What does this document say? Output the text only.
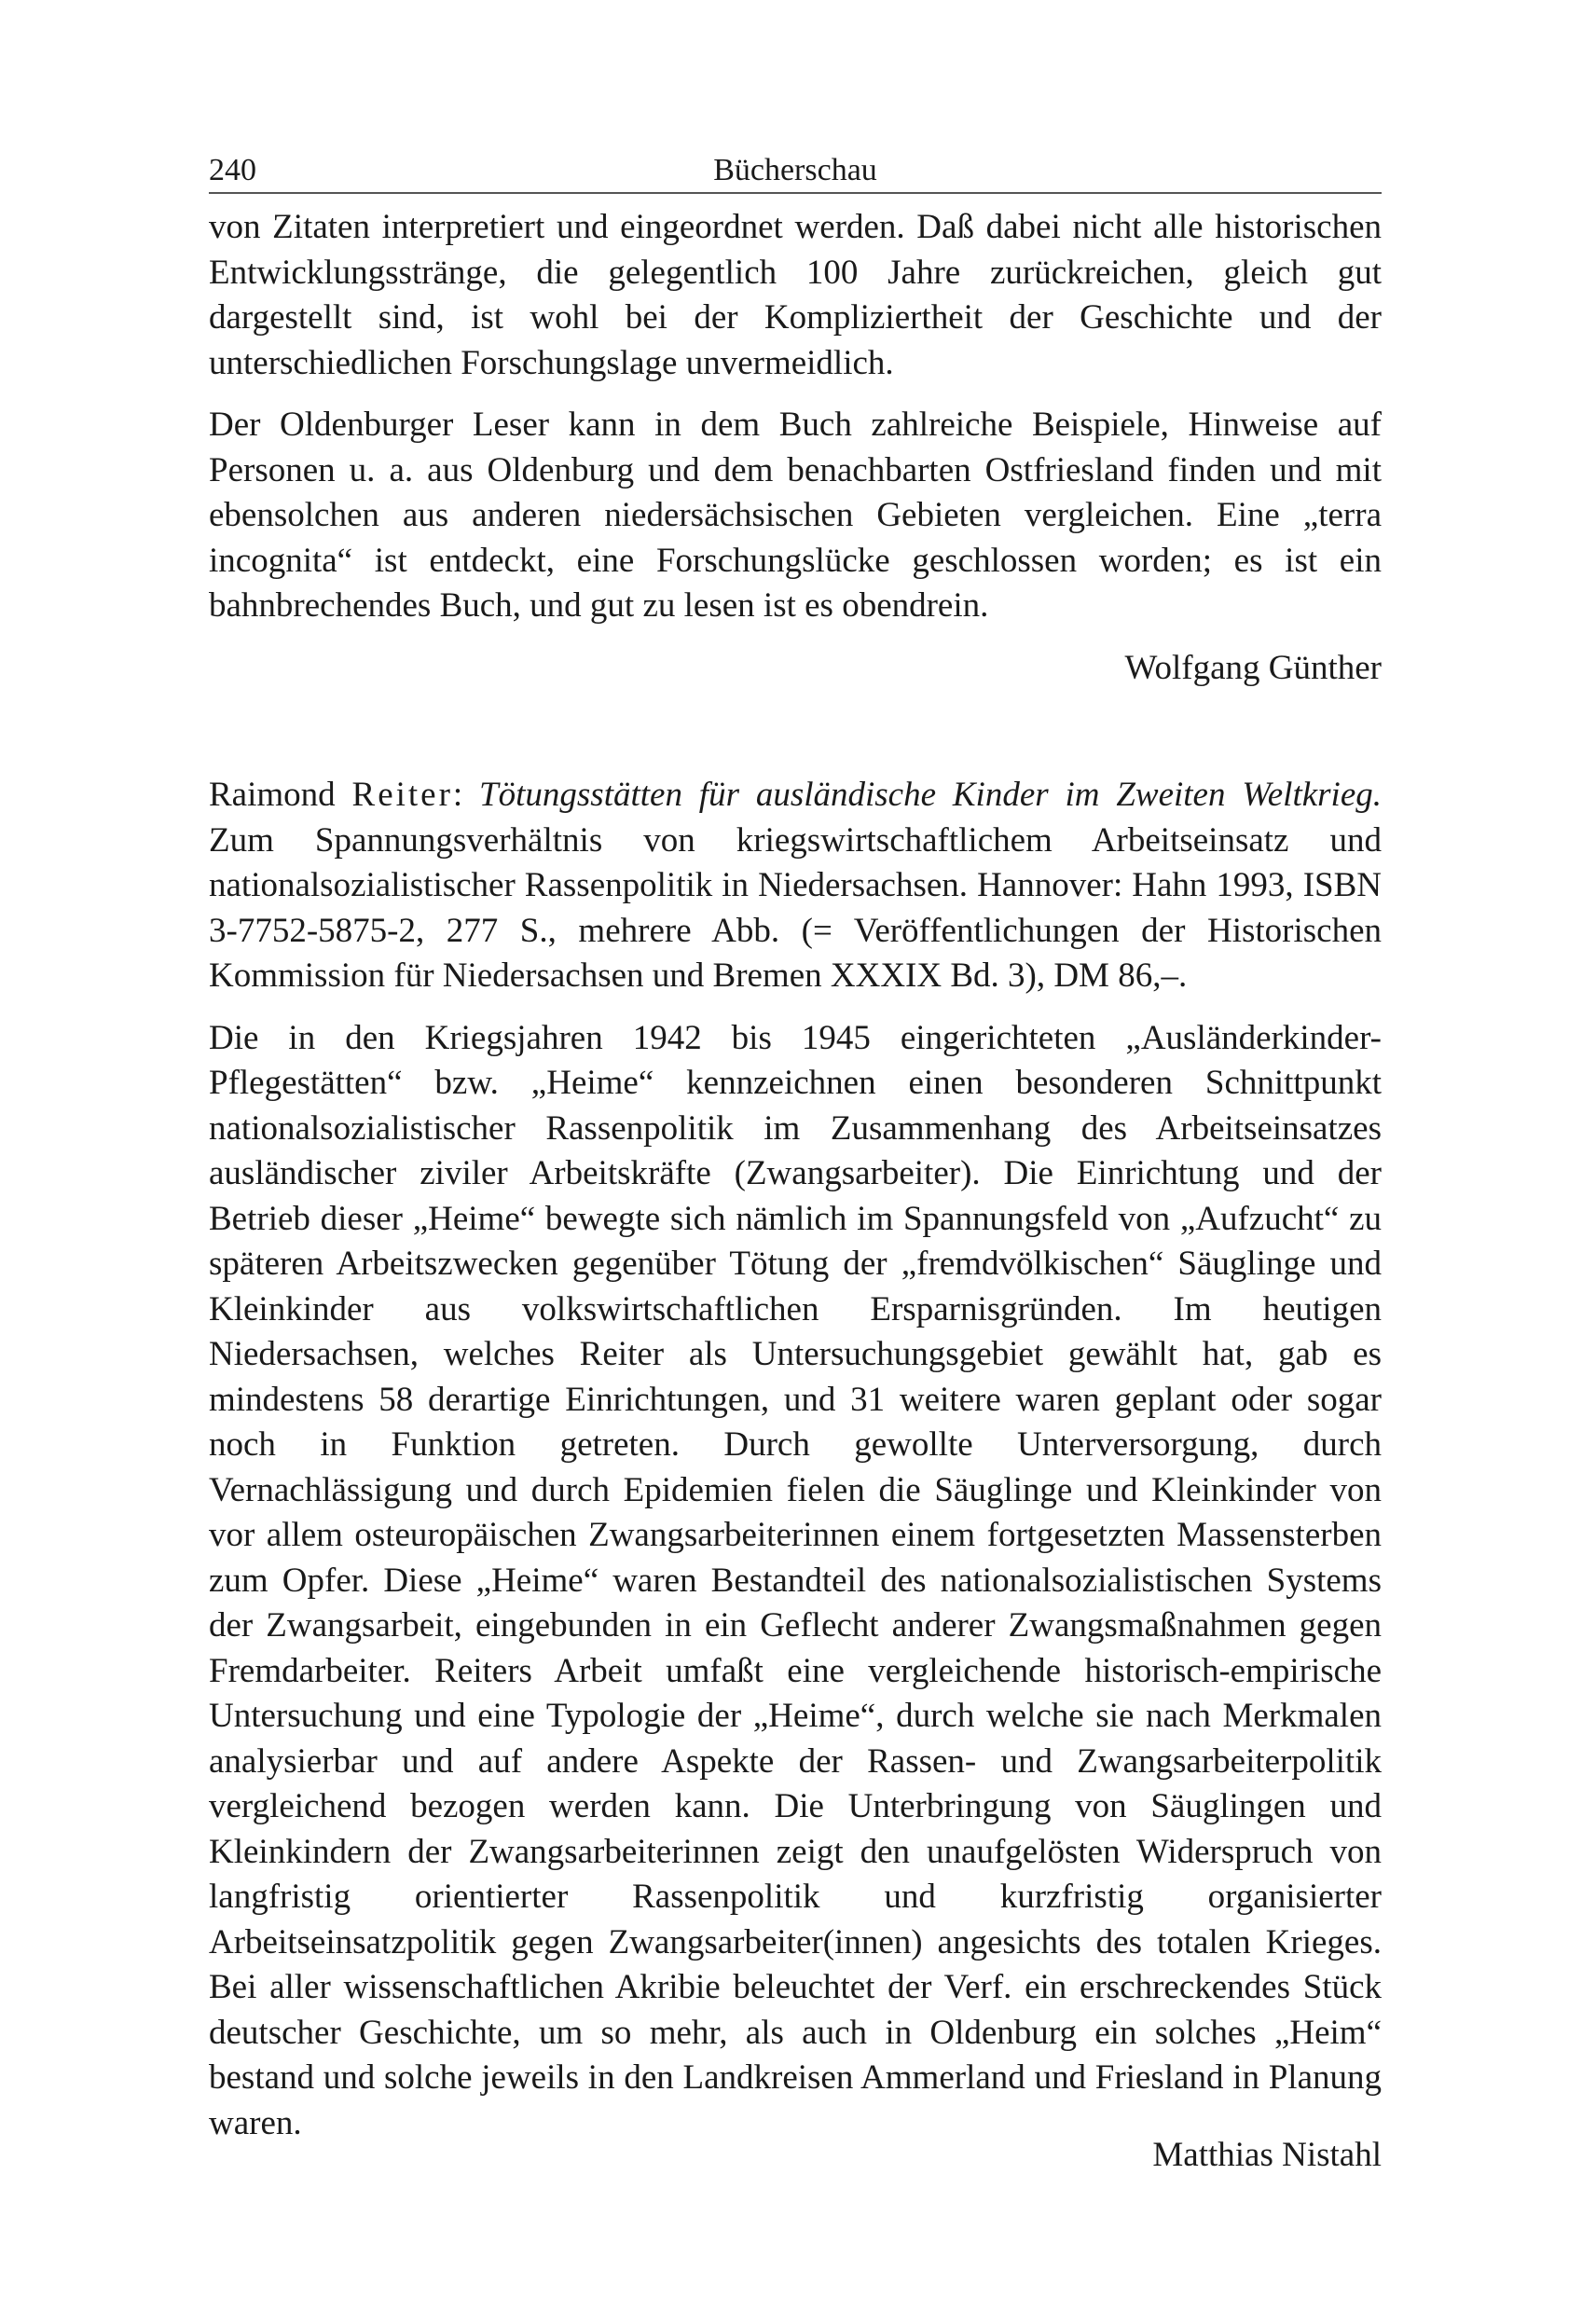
240	Bücherschau

von Zitaten interpretiert und eingeordnet werden. Daß dabei nicht alle historischen Entwicklungsstränge, die gelegentlich 100 Jahre zurückreichen, gleich gut dargestellt sind, ist wohl bei der Kompliziertheit der Geschichte und der unterschiedlichen Forschungslage unvermeidlich.

Der Oldenburger Leser kann in dem Buch zahlreiche Beispiele, Hinweise auf Personen u. a. aus Oldenburg und dem benachbarten Ostfriesland finden und mit ebensolchen aus anderen niedersächsischen Gebieten vergleichen. Eine „terra incognita“ ist entdeckt, eine Forschungslücke geschlossen worden; es ist ein bahnbrechendes Buch, und gut zu lesen ist es obendrein.

Wolfgang Günther

Raimond Reiter: Tötungsstätten für ausländische Kinder im Zweiten Weltkrieg. Zum Spannungsverhältnis von kriegswirtschaftlichem Arbeitseinsatz und nationalsozialistischer Rassenpolitik in Niedersachsen. Hannover: Hahn 1993, ISBN 3-7752-5875-2, 277 S., mehrere Abb. (= Veröffentlichungen der Historischen Kommission für Niedersachsen und Bremen XXXIX Bd. 3), DM 86,–.

Die in den Kriegsjahren 1942 bis 1945 eingerichteten „Ausländerkinder-Pflegestätten“ bzw. „Heime“ kennzeichnen einen besonderen Schnittpunkt nationalsozialistischer Rassenpolitik im Zusammenhang des Arbeitseinsatzes ausländischer ziviler Arbeitskräfte (Zwangsarbeiter). Die Einrichtung und der Betrieb dieser „Heime“ bewegte sich nämlich im Spannungsfeld von „Aufzucht“ zu späteren Arbeitszwecken gegenüber Tötung der „fremdvölkischen“ Säuglinge und Kleinkinder aus volkswirtschaftlichen Ersparnisgründen. Im heutigen Niedersachsen, welches Reiter als Untersuchungsgebiet gewählt hat, gab es mindestens 58 derartige Einrichtungen, und 31 weitere waren geplant oder sogar noch in Funktion getreten. Durch gewollte Unterversorgung, durch Vernachlässigung und durch Epidemien fielen die Säuglinge und Kleinkinder von vor allem osteuropäischen Zwangsarbeiterinnen einem fortgesetzten Massensterben zum Opfer. Diese „Heime“ waren Bestandteil des nationalsozialistischen Systems der Zwangsarbeit, eingebunden in ein Geflecht anderer Zwangsmaßnahmen gegen Fremdarbeiter. Reiters Arbeit umfaßt eine vergleichende historisch-empirische Untersuchung und eine Typologie der „Heime“, durch welche sie nach Merkmalen analysierbar und auf andere Aspekte der Rassen- und Zwangsarbeiterpolitik vergleichend bezogen werden kann. Die Unterbringung von Säuglingen und Kleinkindern der Zwangsarbeiterinnen zeigt den unaufgelösten Widerspruch von langfristig orientierter Rassenpolitik und kurzfristig organisierter Arbeitseinsatzpolitik gegen Zwangsarbeiter(innen) angesichts des totalen Krieges. Bei aller wissenschaftlichen Akribie beleuchtet der Verf. ein erschreckendes Stück deutscher Geschichte, um so mehr, als auch in Oldenburg ein solches „Heim“ bestand und solche jeweils in den Landkreisen Ammerland und Friesland in Planung waren.

Matthias Nistahl
